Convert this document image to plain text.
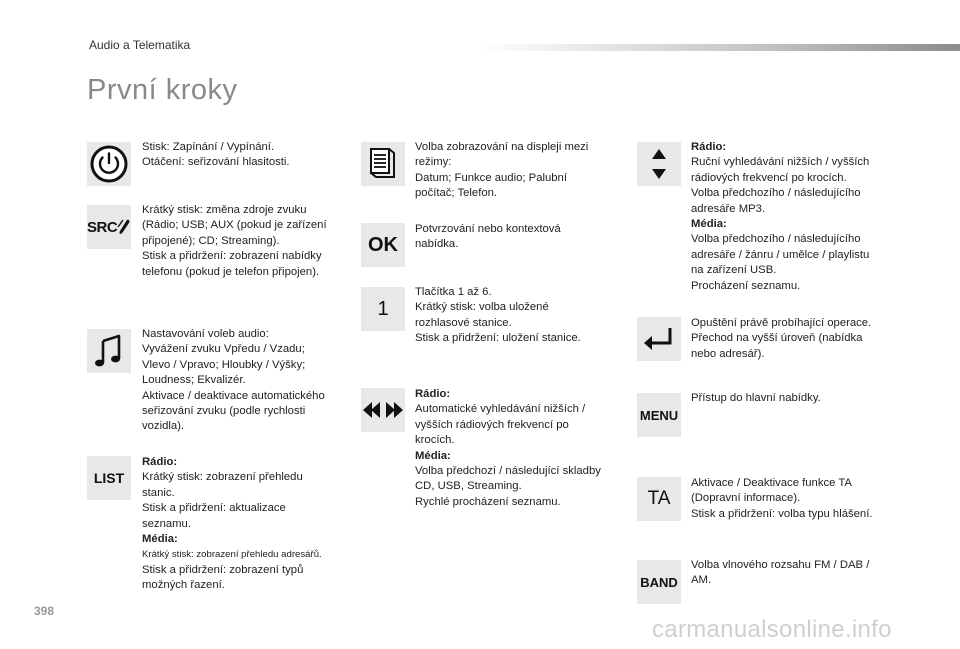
Audio a Telematika
První kroky
Stisk: Zapínání / Vypínání.
Otáčení: seřizování hlasitosti.
SRC
Krátký stisk: změna zdroje zvuku
(Rádio; USB; AUX (pokud je zařízení
připojené); CD; Streaming).
Stisk a přidržení: zobrazení nabídky
telefonu (pokud je telefon připojen).
Nastavování voleb audio:
Vyvážení zvuku Vpředu / Vzadu;
Vlevo / Vpravo; Hloubky / Výšky;
Loudness; Ekvalizér.
Aktivace / deaktivace automatického
seřizování zvuku (podle rychlosti
vozidla).
LIST
Rádio:
Krátký stisk: zobrazení přehledu
stanic.
Stisk a přidržení: aktualizace
seznamu.
Média:
Krátký stisk: zobrazení přehledu adresářů.
Stisk a přidržení: zobrazení typů
možných řazení.
Volba zobrazování na displeji mezi
režimy:
Datum; Funkce audio; Palubní
počítač; Telefon.
OK
Potvrzování nebo kontextová
nabídka.
1
Tlačítka 1 až 6.
Krátký stisk: volba uložené
rozhlasové stanice.
Stisk a přidržení: uložení stanice.
Rádio:
Automatické vyhledávání nižších /
vyšších rádiových frekvencí po
krocích.
Média:
Volba předchozí / následující skladby
CD, USB, Streaming.
Rychlé procházení seznamu.
Rádio:
Ruční vyhledávání nižších / vyšších
rádiových frekvencí po krocích.
Volba předchozího / následujícího
adresáře MP3.
Média:
Volba předchozího / následujícího
adresáře / žánru / umělce / playlistu
na zařízení USB.
Procházení seznamu.
Opuštění právě probíhající operace.
Přechod na vyšší úroveň (nabídka
nebo adresář).
MENU
Přístup do hlavní nabídky.
TA
Aktivace / Deaktivace funkce TA
(Dopravní informace).
Stisk a přidržení: volba typu hlášení.
BAND
Volba vlnového rozsahu FM / DAB /
AM.
398
carmanualsonline.info
